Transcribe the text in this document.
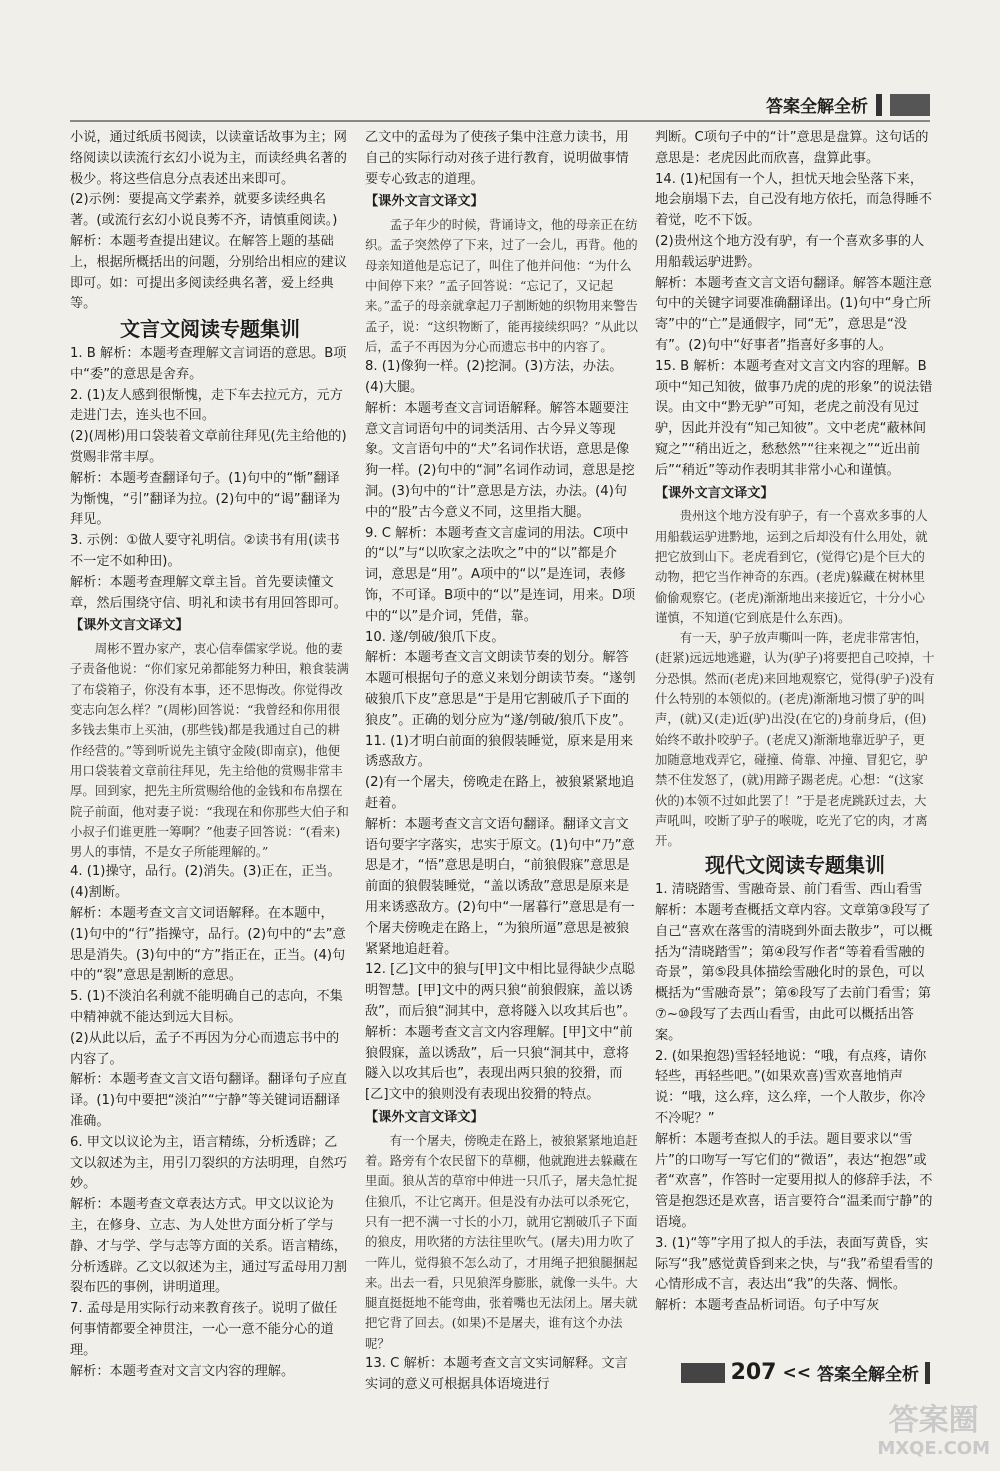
答案全解全析

小说，通过纸质书阅读，以读童话故事为主；网络阅读以读流行玄幻小说为主，而读经典名著的极少。将这些信息分点表述出来即可。

(2)示例：要提高文学素养，就要多读经典名著。(或流行玄幻小说良莠不齐，请慎重阅读。)

解析：本题考查提出建议。在解答上题的基础上，根据所概括出的问题，分别给出相应的建议即可。如：可提出多阅读经典名著，爱上经典等。

文言文阅读专题集训

1. B 解析：本题考查理解文言词语的意思。B项中“委”的意思是舍弃。

2. (1)友人感到很惭愧，走下车去拉元方，元方走进门去，连头也不回。

(2)(周彬)用口袋装着文章前往拜见(先主给他的)赏赐非常丰厚。

解析：本题考查翻译句子。(1)句中的“惭”翻译为惭愧，“引”翻译为拉。(2)句中的“谒”翻译为拜见。

3. 示例：①做人要守礼明信。②读书有用(读书不一定不如种田)。

解析：本题考查理解文章主旨。首先要读懂文章，然后围绕守信、明礼和读书有用回答即可。

【课外文言文译文】

周彬不置办家产，衷心信奉儒家学说。他的妻子责备他说：“你们家兄弟都能努力种田，粮食装满了布袋箱子，你没有本事，还不思悔改。你觉得改变志向怎么样？”(周彬)回答说：“我曾经和你用很多钱去集市上买油，(那些钱)都是我通过自己的耕作经营的。”等到听说先主镇守金陵(即南京)，他便用口袋装着文章前往拜见，先主给他的赏赐非常丰厚。回到家，把先主所赏赐给他的金钱和布帛摆在院子前面，他对妻子说：“我现在和你那些大伯子和小叔子们谁更胜一筹啊？”他妻子回答说：“(看来)男人的事情，不是女子所能理解的。”

4. (1)操守，品行。(2)消失。(3)正在，正当。(4)割断。

解析：本题考查文言文词语解释。在本题中，(1)句中的“行”指操守，品行。(2)句中的“去”意思是消失。(3)句中的“方”指正在，正当。(4)句中的“裂”意思是割断的意思。

5. (1)不淡泊名利就不能明确自己的志向，不集中精神就不能达到远大目标。

(2)从此以后，孟子不再因为分心而遗忘书中的内容了。

解析：本题考查文言文语句翻译。翻译句子应直译。(1)句中要把“淡泊”“宁静”等关键词语翻译准确。

6. 甲文以议论为主，语言精练，分析透辟；乙文以叙述为主，用引刀裂织的方法明理，自然巧妙。

解析：本题考查文章表达方式。甲文以议论为主，在修身、立志、为人处世方面分析了学与静、才与学、学与志等方面的关系。语言精练，分析透辟。乙文以叙述为主，通过写孟母用刀割裂布匹的事例，讲明道理。

7. 孟母是用实际行动来教育孩子。说明了做任何事情都要全神贯注，一心一意不能分心的道理。

解析：本题考查对文言文内容的理解。

乙文中的孟母为了使孩子集中注意力读书，用自己的实际行动对孩子进行教育，说明做事情要专心致志的道理。

【课外文言文译文】

孟子年少的时候，背诵诗文，他的母亲正在纺织。孟子突然停了下来，过了一会儿，再背。他的母亲知道他是忘记了，叫住了他并问他：“为什么中间停下来？”孟子回答说：“忘记了，又记起来。”孟子的母亲就拿起刀子割断她的织物用来警告孟子，说：“这织物断了，能再接续织吗？”从此以后，孟子不再因为分心而遗忘书中的内容了。

8. (1)像狗一样。(2)挖洞。(3)方法，办法。(4)大腿。

解析：本题考查文言词语解释。解答本题要注意文言词语句中的词类活用、古今异义等现象。文言语句中的“犬”名词作状语，意思是像狗一样。(2)句中的“洞”名词作动词，意思是挖洞。(3)句中的“计”意思是方法，办法。(4)句中的“股”古今意义不同，这里指大腿。

9. C 解析：本题考查文言虚词的用法。C项中的“以”与“以吹家之法吹之”中的“以”都是介词，意思是“用”。A项中的“以”是连词，表修饰，不可译。B项中的“以”是连词，用来。D项中的“以”是介词，凭借，靠。

10. 遂/刳破/狼爪下皮。

解析：本题考查文言文朗读节奏的划分。解答本题可根据句子的意义来划分朗读节奏。“遂刳破狼爪下皮”意思是“于是用它割破爪子下面的狼皮”。正确的划分应为“遂/刳破/狼爪下皮”。

11. (1)才明白前面的狼假装睡觉，原来是用来诱惑敌方。

(2)有一个屠夫，傍晚走在路上，被狼紧紧地追赶着。

解析：本题考查文言文语句翻译。翻译文言文语句要字字落实，忠实于原文。(1)句中“乃”意思是才，“悟”意思是明白，“前狼假寐”意思是前面的狼假装睡觉，“盖以诱敌”意思是原来是用来诱惑敌方。(2)句中“一屠暮行”意思是有一个屠夫傍晚走在路上，“为狼所逼”意思是被狼紧紧地追赶着。

12. [乙]文中的狼与[甲]文中相比显得缺少点聪明智慧。[甲]文中的两只狼“前狼假寐，盖以诱敌”，而后狼“洞其中，意将隧入以攻其后也”。

解析：本题考查文言文内容理解。[甲]文中“前狼假寐，盖以诱敌”，后一只狼“洞其中，意将隧入以攻其后也”，表现出两只狼的狡猾，而[乙]文中的狼则没有表现出狡猾的特点。

【课外文言文译文】

有一个屠夫，傍晚走在路上，被狼紧紧地追赶着。路旁有个农民留下的草棚，他就跑进去躲藏在里面。狼从苫的草帘中伸进一只爪子，屠夫急忙捉住狼爪，不让它离开。但是没有办法可以杀死它，只有一把不满一寸长的小刀，就用它割破爪子下面的狼皮，用吹猪的方法往里吹气。(屠夫)用力吹了一阵儿，觉得狼不怎么动了，才用绳子把狼腿捆起来。出去一看，只见狼浑身膨胀，就像一头牛。大腿直挺挺地不能弯曲，张着嘴也无法闭上。屠夫就把它背了回去。(如果)不是屠夫，谁有这个办法呢？

13. C 解析：本题考查文言文实词解释。文言实词的意义可根据具体语境进行

判断。C项句子中的“计”意思是盘算。这句话的意思是：老虎因此而欣喜，盘算此事。

14. (1)杞国有一个人，担忧天地会坠落下来，地会崩塌下去，自己没有地方依托，而急得睡不着觉，吃不下饭。

(2)贵州这个地方没有驴，有一个喜欢多事的人用船载运驴进黔。

解析：本题考查文言文语句翻译。解答本题注意句中的关键字词要准确翻译出。(1)句中“身亡所寄”中的“亡”是通假字，同“无”，意思是“没有”。(2)句中“好事者”指喜好多事的人。

15. B 解析：本题考查对文言文内容的理解。B项中“知己知彼，做事乃虎的虎的形象”的说法错误。由文中“黔无驴”可知，老虎之前没有见过驴，因此并没有“知己知彼”。文中老虎“蔽林间窥之”“稍出近之，愁愁然”“往来视之”“近出前后”“稍近”等动作表明其非常小心和谨慎。

【课外文言文译文】

贵州这个地方没有驴子，有一个喜欢多事的人用船载运驴进黔地，运到之后却没有什么用处，就把它放到山下。老虎看到它，(觉得它)是个巨大的动物，把它当作神奇的东西。(老虎)躲藏在树林里偷偷观察它。(老虎)渐渐地出来接近它，十分小心谨慎，不知道(它到底是什么东西)。

有一天，驴子放声嘶叫一阵，老虎非常害怕，(赶紧)远远地逃避，认为(驴子)将要把自己咬掉，十分恐惧。然而(老虎)来回地观察它，觉得(驴子)没有什么特别的本领似的。(老虎)渐渐地习惯了驴的叫声，(就)又(走)近(驴)出没(在它的)身前身后，(但)始终不敢扑咬驴子。(老虎又)渐渐地靠近驴子，更加随意地戏弄它，碰撞、倚靠、冲撞、冒犯它，驴禁不住发怒了，(就)用蹄子踢老虎。心想：“(这家伙的)本领不过如此罢了！”于是老虎跳跃过去，大声吼叫，咬断了驴子的喉咙，吃光了它的肉，才离开。

现代文阅读专题集训

1. 清晓踏雪、雪融奇景、前门看雪、西山看雪

解析：本题考查概括文章内容。文章第③段写了自己“喜欢在落雪的清晓到外面去散步”，可以概括为“清晓踏雪”；第④段写作者“等着看雪融的奇景”，第⑤段具体描绘雪融化时的景色，可以概括为“雪融奇景”；第⑥段写了去前门看雪；第⑦~⑩段写了去西山看雪，由此可以概括出答案。

2. (如果抱怨)雪轻轻地说：“哦，有点疼，请你轻些，再轻些吧。”(如果欢喜)雪欢喜地悄声说：“哦，这么痒，这么痒，一个人散步，你冷不冷呢？”

解析：本题考查拟人的手法。题目要求以“雪片”的口吻写一写它们的“微语”，表达“抱怨”或者“欢喜”，作答时一定要用拟人的修辞手法，不管是抱怨还是欢喜，语言要符合“温柔而宁静”的语境。

3. (1)“等”字用了拟人的手法，表面写黄昏，实际写“我”感觉黄昏到来之快，与“我”希望看雪的心情形成不言，表达出“我”的失落、惆怅。

解析：本题考查品析词语。句子中写灰

207 << 答案全解全析
答案圈
MXQE.COM
